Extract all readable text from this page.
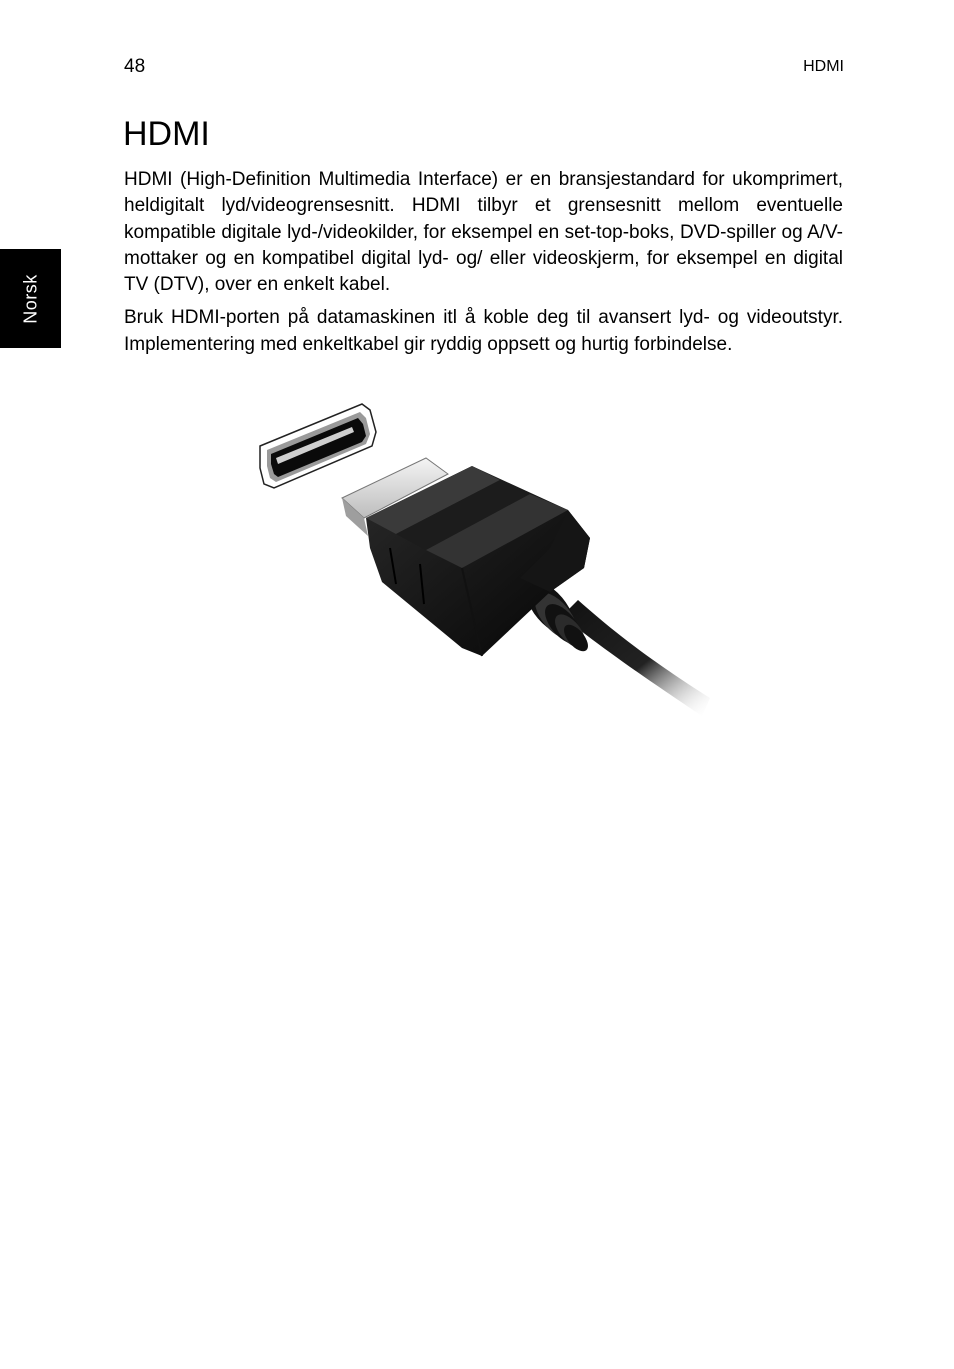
48	HDMI
Norsk
HDMI

HDMI (High-Definition Multimedia Interface) er en bransjestandard for ukomprimert, heldigitalt lyd/videogrensesnitt. HDMI tilbyr et grensesnitt mellom eventuelle kompatible digitale lyd-/videokilder, for eksempel en set-top-boks, DVD-spiller og A/V-mottaker og en kompatibel digital lyd- og/ eller videoskjerm, for eksempel en digital TV (DTV), over en enkelt kabel.

Bruk HDMI-porten på datamaskinen itl å koble deg til avansert lyd- og videoutstyr. Implementering med enkeltkabel gir ryddig oppsett og hurtig forbindelse.
